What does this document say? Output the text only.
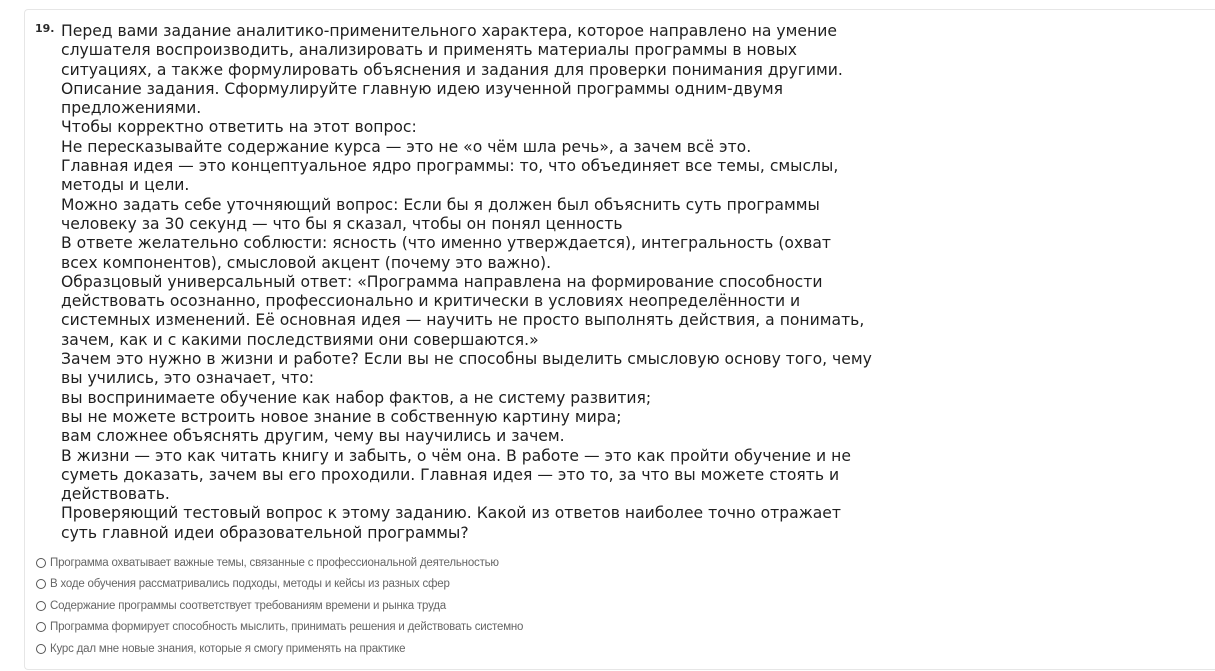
19. Перед вами задание аналитико-применительного характера, которое направлено на умение
слушателя воспроизводить, анализировать и применять материалы программы в новых
ситуациях, а также формулировать объяснения и задания для проверки понимания другими.
Описание задания. Сформулируйте главную идею изученной программы одним-двумя
предложениями.
Чтобы корректно ответить на этот вопрос:
Не пересказывайте содержание курса — это не «о чём шла речь», а зачем всё это.
Главная идея — это концептуальное ядро программы: то, что объединяет все темы, смыслы,
методы и цели.
Можно задать себе уточняющий вопрос: Если бы я должен был объяснить суть программы
человеку за 30 секунд — что бы я сказал, чтобы он понял ценность
В ответе желательно соблюсти: ясность (что именно утверждается), интегральность (охват
всех компонентов), смысловой акцент (почему это важно).
Образцовый универсальный ответ: «Программа направлена на формирование способности
действовать осознанно, профессионально и критически в условиях неопределённости и
системных изменений. Её основная идея — научить не просто выполнять действия, а понимать,
зачем, как и с какими последствиями они совершаются.»
Зачем это нужно в жизни и работе? Если вы не способны выделить смысловую основу того, чему
вы учились, это означает, что:
вы воспринимаете обучение как набор фактов, а не систему развития;
вы не можете встроить новое знание в собственную картину мира;
вам сложнее объяснять другим, чему вы научились и зачем.
В жизни — это как читать книгу и забыть, о чём она. В работе — это как пройти обучение и не
суметь доказать, зачем вы его проходили. Главная идея — это то, за что вы можете стоять и
действовать.
Проверяющий тестовый вопрос к этому заданию. Какой из ответов наиболее точно отражает
суть главной идеи образовательной программы?
Программа охватывает важные темы, связанные с профессиональной деятельностью
В ходе обучения рассматривались подходы, методы и кейсы из разных сфер
Содержание программы соответствует требованиям времени и рынка труда
Программа формирует способность мыслить, принимать решения и действовать системно
Курс дал мне новые знания, которые я смогу применять на практике
